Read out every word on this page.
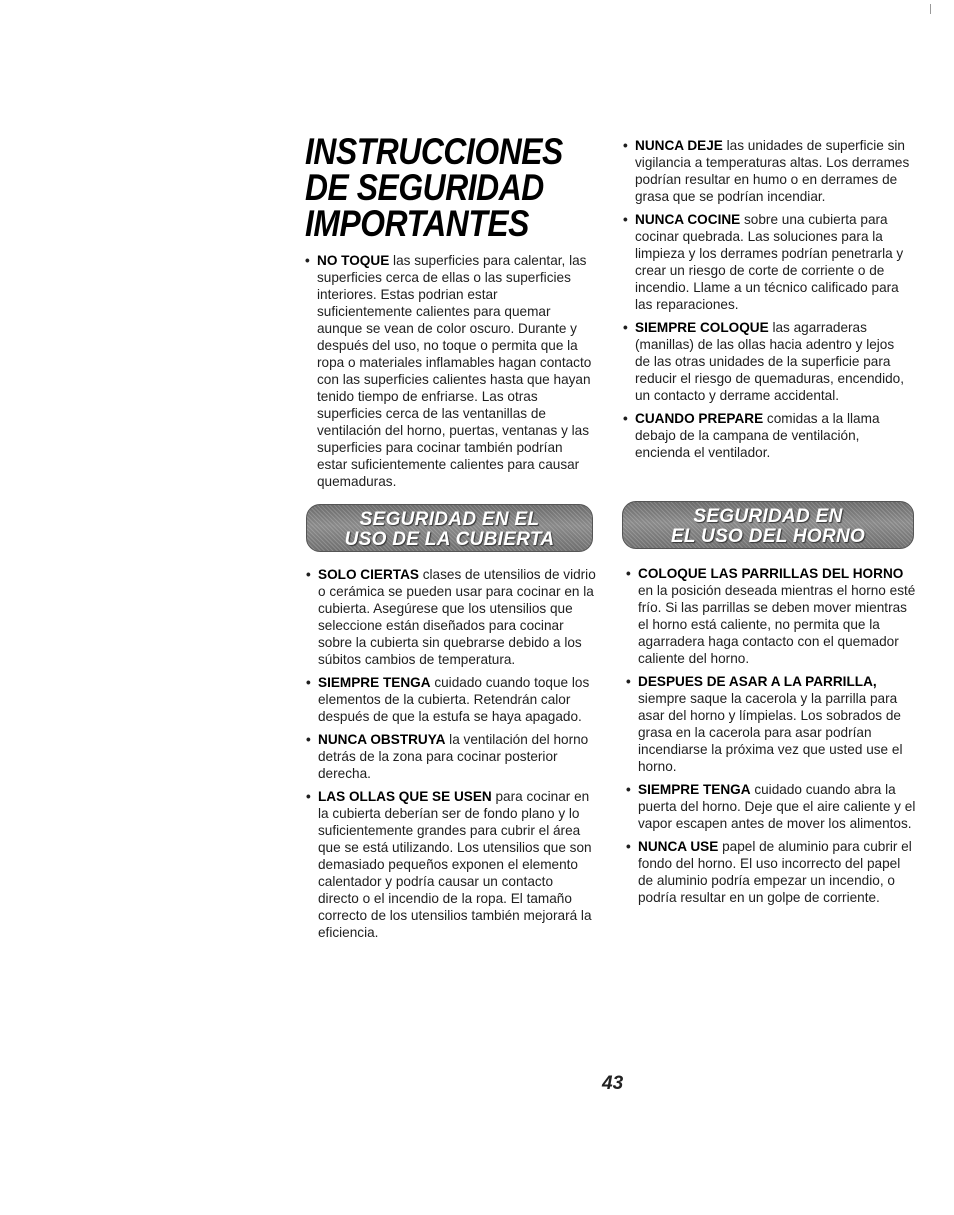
INSTRUCCIONES
DE SEGURIDAD
IMPORTANTES
• NO TOQUE las superficies para calentar, las superficies cerca de ellas o las superficies interiores. Estas podrian estar suficientemente calientes para quemar aunque se vean de color oscuro. Durante y después del uso, no toque o permita que la ropa o materiales inflamables hagan contacto con las superficies calientes hasta que hayan tenido tiempo de enfriarse. Las otras superficies cerca de las ventanillas de ventilación del horno, puertas, ventanas y las superficies para cocinar también podrían estar suficientemente calientes para causar quemaduras.
SEGURIDAD EN EL
USO DE LA CUBIERTA
• SOLO CIERTAS clases de utensilios de vidrio o cerámica se pueden usar para cocinar en la cubierta. Asegúrese que los utensilios que seleccione están diseñados para cocinar sobre la cubierta sin quebrarse debido a los súbitos cambios de temperatura.
• SIEMPRE TENGA cuidado cuando toque los elementos de la cubierta. Retendrán calor después de que la estufa se haya apagado.
• NUNCA OBSTRUYA la ventilación del horno detrás de la zona para cocinar posterior derecha.
• LAS OLLAS QUE SE USEN para cocinar en la cubierta deberían ser de fondo plano y lo suficientemente grandes para cubrir el área que se está utilizando. Los utensilios que son demasiado pequeños exponen el elemento calentador y podría causar un contacto directo o el incendio de la ropa. El tamaño correcto de los utensilios también mejorará la eficiencia.
• NUNCA DEJE las unidades de superficie sin vigilancia a temperaturas altas. Los derrames podrían resultar en humo o en derrames de grasa que se podrían incendiar.
• NUNCA COCINE sobre una cubierta para cocinar quebrada. Las soluciones para la limpieza y los derrames podrían penetrarla y crear un riesgo de corte de corriente o de incendio. Llame a un técnico calificado para las reparaciones.
• SIEMPRE COLOQUE las agarraderas (manillas) de las ollas hacia adentro y lejos de las otras unidades de la superficie para reducir el riesgo de quemaduras, encendido, un contacto y derrame accidental.
• CUANDO PREPARE comidas a la llama debajo de la campana de ventilación, encienda el ventilador.
SEGURIDAD EN
EL USO DEL HORNO
• COLOQUE LAS PARRILLAS DEL HORNO en la posición deseada mientras el horno esté frío. Si las parrillas se deben mover mientras el horno está caliente, no permita que la agarradera haga contacto con el quemador caliente del horno.
• DESPUES DE ASAR A LA PARRILLA, siempre saque la cacerola y la parrilla para asar del horno y límpielas. Los sobrados de grasa en la cacerola para asar podrían incendiarse la próxima vez que usted use el horno.
• SIEMPRE TENGA cuidado cuando abra la puerta del horno. Deje que el aire caliente y el vapor escapen antes de mover los alimentos.
• NUNCA USE papel de aluminio para cubrir el fondo del horno. El uso incorrecto del papel de aluminio podría empezar un incendio, o podría resultar en un golpe de corriente.
43
